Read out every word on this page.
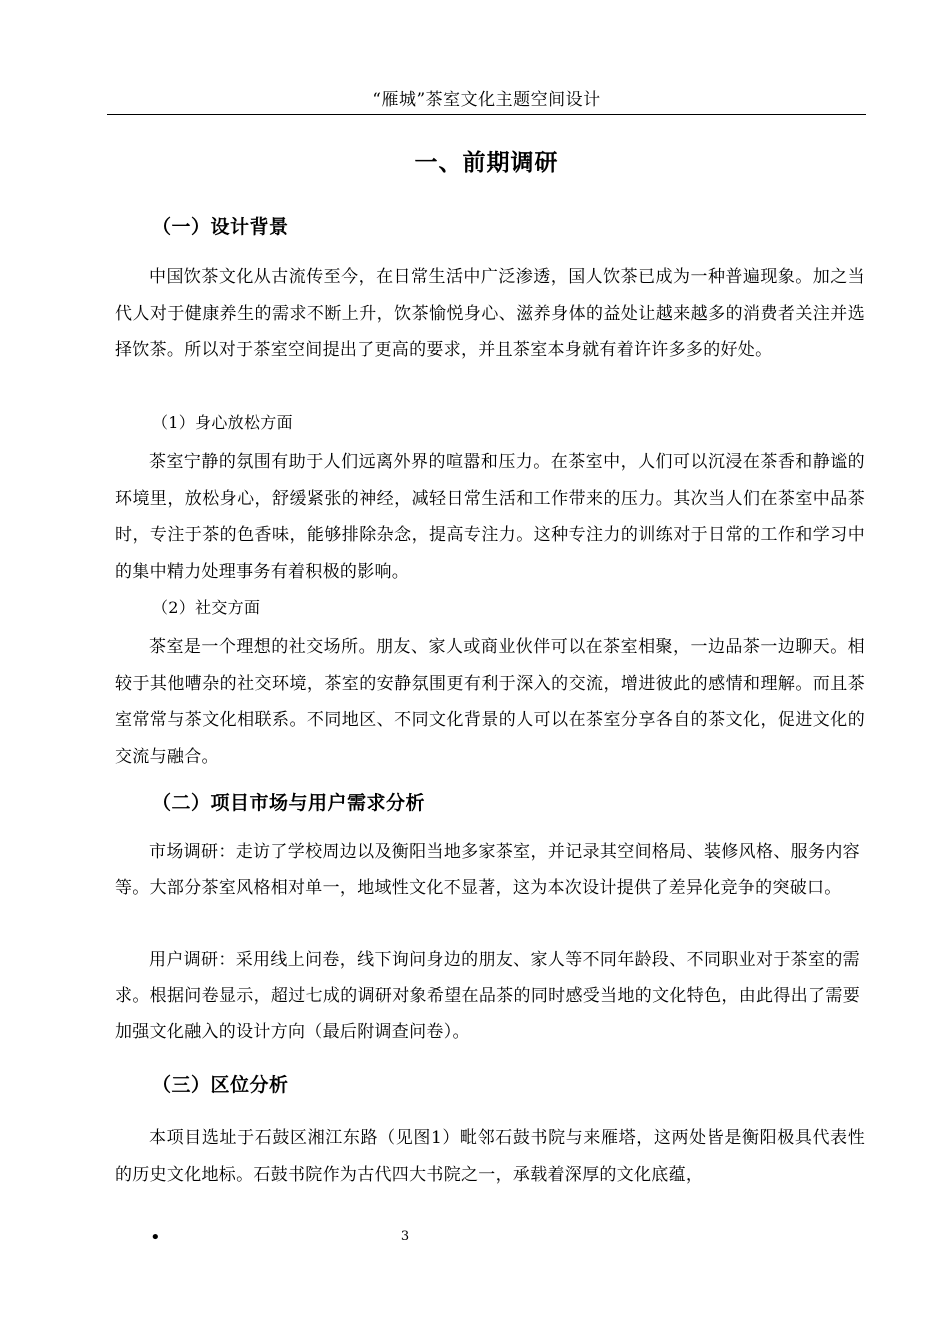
“雁城”茶室文化主题空间设计
一、前期调研
（一）设计背景

中国饮茶文化从古流传至今，在日常生活中广泛渗透，国人饮茶已成为一种普遍现象。加之当代人对于健康养生的需求不断上升，饮茶愉悦身心、滋养身体的益处让越来越多的消费者关注并选择饮茶。所以对于茶室空间提出了更高的要求，并且茶室本身就有着许许多多的好处。

（1）身心放松方面

茶室宁静的氛围有助于人们远离外界的喧嚣和压力。在茶室中，人们可以沉浸在茶香和静谧的环境里，放松身心，舒缓紧张的神经，减轻日常生活和工作带来的压力。其次当人们在茶室中品茶时，专注于茶的色香味，能够排除杂念，提高专注力。这种专注力的训练对于日常的工作和学习中的集中精力处理事务有着积极的影响。

（2）社交方面

茶室是一个理想的社交场所。朋友、家人或商业伙伴可以在茶室相聚，一边品茶一边聊天。相较于其他嘈杂的社交环境，茶室的安静氛围更有利于深入的交流，增进彼此的感情和理解。而且茶室常常与茶文化相联系。不同地区、不同文化背景的人可以在茶室分享各自的茶文化，促进文化的交流与融合。

（二）项目市场与用户需求分析

市场调研：走访了学校周边以及衡阳当地多家茶室，并记录其空间格局、装修风格、服务内容等。大部分茶室风格相对单一，地域性文化不显著，这为本次设计提供了差异化竞争的突破口。

用户调研：采用线上问卷，线下询问身边的朋友、家人等不同年龄段、不同职业对于茶室的需求。根据问卷显示，超过七成的调研对象希望在品茶的同时感受当地的文化特色，由此得出了需要加强文化融入的设计方向（最后附调查问卷）。

（三）区位分析

本项目选址于石鼓区湘江东路（见图1）毗邻石鼓书院与来雁塔，这两处皆是衡阳极具代表性的历史文化地标。石鼓书院作为古代四大书院之一，承载着深厚的文化底蕴，

•	3
